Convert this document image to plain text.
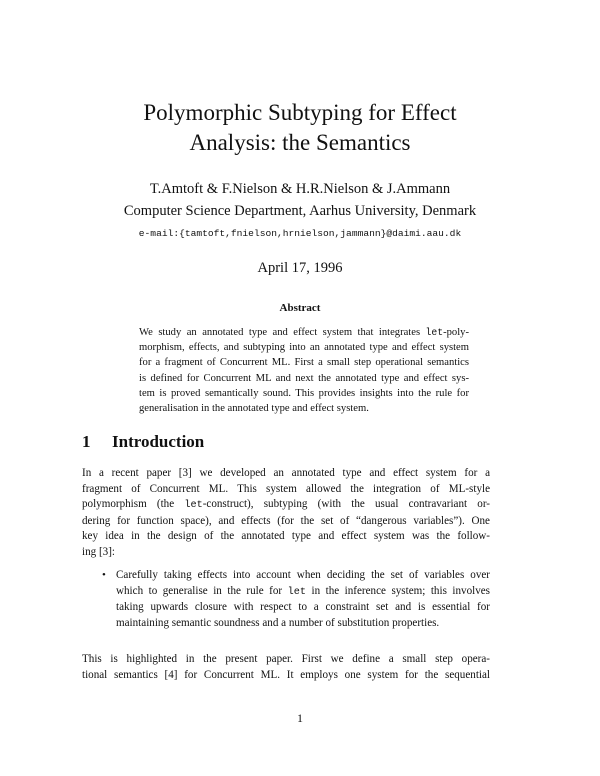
Polymorphic Subtyping for Effect
Analysis: the Semantics
T.Amtoft & F.Nielson & H.R.Nielson & J.Ammann
Computer Science Department, Aarhus University, Denmark
e-mail:{tamtoft,fnielson,hrnielson,jammann}@daimi.aau.dk
April 17, 1996
Abstract
We study an annotated type and effect system that integrates let-poly-
morphism, effects, and subtyping into an annotated type and effect system
for a fragment of Concurrent ML. First a small step operational semantics
is defined for Concurrent ML and next the annotated type and effect sys-
tem is proved semantically sound. This provides insights into the rule for
generalisation in the annotated type and effect system.
1 Introduction
In a recent paper [3] we developed an annotated type and effect system for a
fragment of Concurrent ML. This system allowed the integration of ML-style
polymorphism (the let-construct), subtyping (with the usual contravariant or-
dering for function space), and effects (for the set of “dangerous variables”). One
key idea in the design of the annotated type and effect system was the follow-
ing [3]:
• Carefully taking effects into account when deciding the set of variables over
which to generalise in the rule for let in the inference system; this involves
taking upwards closure with respect to a constraint set and is essential for
maintaining semantic soundness and a number of substitution properties.
This is highlighted in the present paper. First we define a small step opera-
tional semantics [4] for Concurrent ML. It employs one system for the sequential
1
